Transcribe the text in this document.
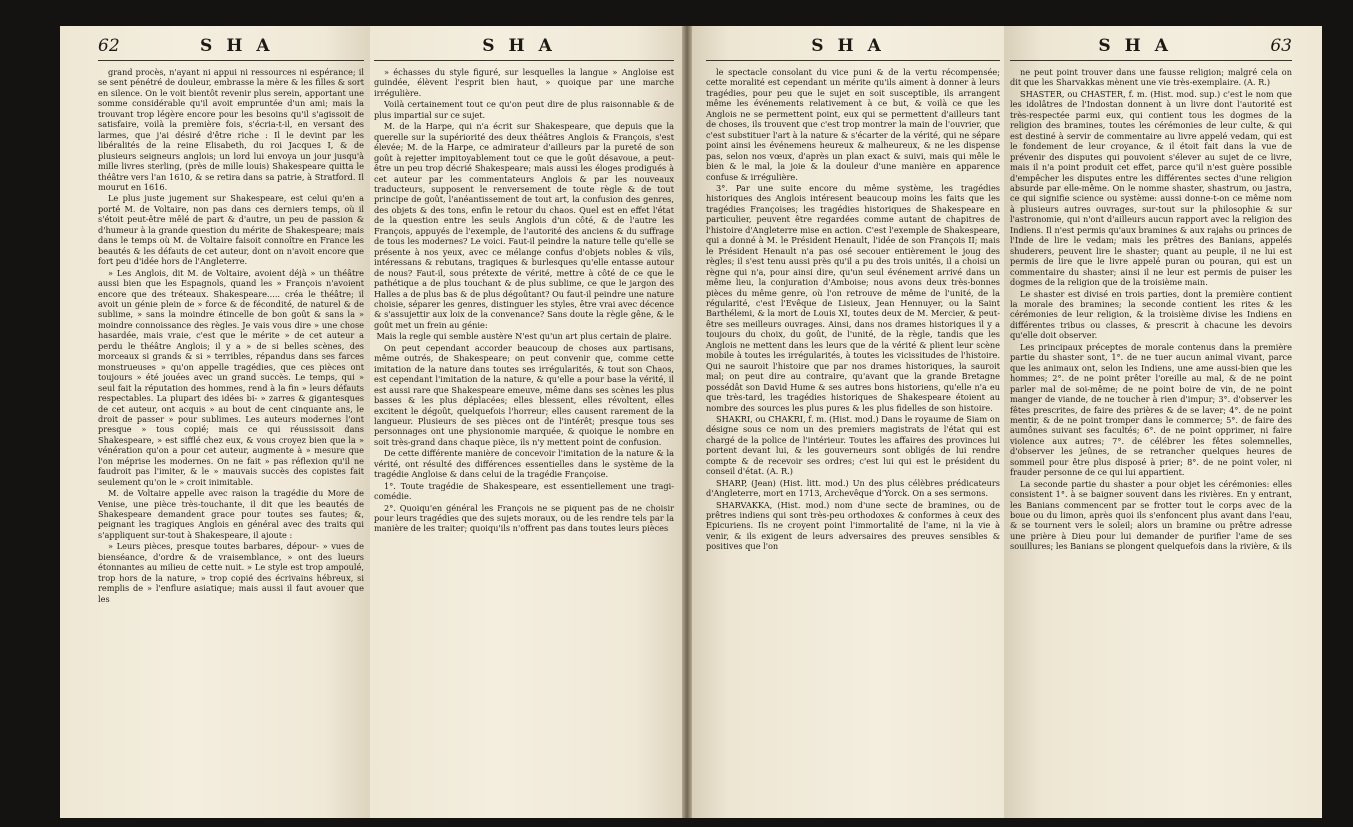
62	SHA

grand procès, n'ayant ni appui ni ressources ni espérance; il se sent pénétré de douleur, embrasse la mère & les filles & sort en silence. On le voit bientôt revenir plus serein, apportant une somme considérable qu'il avoit empruntée d'un ami; mais la trouvant trop légère encore pour les besoins qu'il s'agissoit de satisfaire, voilà la première fois, s'écria-t-il, en versant des larmes, que j'ai désiré d'être riche : Il le devint par les libéralités de la reine Elisabeth, du roi Jacques I, & de plusieurs seigneurs anglois; un lord lui envoya un jour jusqu'à mille livres sterling, (près de mille louis) Shakespeare quitta le théâtre vers l'an 1610, & se retira dans sa patrie, à Stratford. Il mourut en 1616.

Le plus juste jugement sur Shakespeare, est celui qu'en a porté M. de Voltaire, non pas dans ces derniers temps, où il s'étoit peut-être mêlé de part & d'autre, un peu de passion & d'humeur à la grande question du mérite de Shakespeare; mais dans le temps où M. de Voltaire faisoit connoître en France les beautés & les défauts de cet auteur, dont on n'avoit encore que fort peu d'idée hors de l'Angleterre.

» Les Anglois, dit M. de Voltaire, avoient déjà » un théâtre aussi bien que les Espagnols, quand les » François n'avoient encore que des tréteaux. Shakespeare..... créa le théâtre; il avoit un génie plein de » force & de fécondité, de naturel & de sublime, » sans la moindre étincelle de bon goût & sans la » moindre connoissance des règles. Je vais vous dire » une chose hasardée, mais vraie, c'est que le mérite » de cet auteur a perdu le théâtre Anglois; il y a » de si belles scènes, des morceaux si grands & si » terribles, répandus dans ses farces monstrueuses » qu'on appelle tragédies, que ces pièces ont toujours » été jouées avec un grand succès. Le temps, qui » seul fait la réputation des hommes, rend à la fin » leurs défauts respectables. La plupart des idées bi- » zarres & gigantesques de cet auteur, ont acquis » au bout de cent cinquante ans, le droit de passer » pour sublimes. Les auteurs modernes l'ont presque » tous copié; mais ce qui réussissoit dans Shakespeare, » est sifflé chez eux, & vous croyez bien que la » vénération qu'on a pour cet auteur, augmente à » mesure que l'on méprise les modernes. On ne fait » pas réflexion qu'il ne faudroit pas l'imiter, & le » mauvais succès des copistes fait seulement qu'on le » croit inimitable.

M. de Voltaire appelle avec raison la tragédie du More de Venise, une pièce très-touchante, il dit que les beautés de Shakespeare demandent grace pour toutes ses fautes; &, peignant les tragiques Anglois en général avec des traits qui s'appliquent sur-tout à Shakespeare, il ajoute :

» Leurs pièces, presque toutes barbares, dépour- » vues de bienséance, d'ordre & de vraisemblance, » ont des lueurs étonnantes au milieu de cette nuit. » Le style est trop ampoulé, trop hors de la nature, » trop copié des écrivains hébreux, si remplis de » l'enflure asiatique; mais aussi il faut avouer que les

SHA

» échasses du style figuré, sur lesquelles la langue » Angloise est guindée, élèvent l'esprit bien haut, » quoique par une marche irrégulière.

Voilà certainement tout ce qu'on peut dire de plus raisonnable & de plus impartial sur ce sujet.

M. de la Harpe, qui n'a écrit sur Shakespeare, que depuis que la querelle sur la supériorité des deux théâtres Anglois & François, s'est élevée; M. de la Harpe, ce admirateur d'ailleurs par la pureté de son goût à rejetter impitoyablement tout ce que le goût désavoue, a peut-être un peu trop décrié Shakespeare; mais aussi les éloges prodigués à cet auteur par les commentateurs Anglois & par les nouveaux traducteurs, supposent le renversement de toute règle & de tout principe de goût, l'anéantissement de tout art, la confusion des genres, des objets & des tons, enfin le retour du chaos. Quel est en effet l'état de la question entre les seuls Anglois d'un côté, & de l'autre les François, appuyés de l'exemple, de l'autorité des anciens & du suffrage de tous les modernes? Le voici. Faut-il peindre la nature telle qu'elle se présente à nos yeux, avec ce mélange confus d'objets nobles & vils, intéressans & rebutans, tragiques & burlesques qu'elle entasse autour de nous? Faut-il, sous prétexte de vérité, mettre à côté de ce que le pathétique a de plus touchant & de plus sublime, ce que le jargon des Halles a de plus bas & de plus dégoûtant? Ou faut-il peindre une nature choisie, séparer les genres, distinguer les styles, être vrai avec décence & s'assujettir aux loix de la convenance? Sans doute la règle gêne, & le goût met un frein au génie:

Mais la regle qui semble austère N'est qu'un art plus certain de plaire.

On peut cependant accorder beaucoup de choses aux partisans, même outrés, de Shakespeare; on peut convenir que, comme cette imitation de la nature dans toutes ses irrégularités, & tout son Chaos, est cependant l'imitation de la nature, & qu'elle a pour base la vérité, il est aussi rare que Shakespeare emeuve, même dans ses scènes les plus basses & les plus déplacées; elles blessent, elles révoltent, elles excitent le dégoût, quelquefois l'horreur; elles causent rarement de la langueur. Plusieurs de ses pièces ont de l'intérêt; presque tous ses personnages ont une physionomie marquée, & quoique le nombre en soit très-grand dans chaque pièce, ils n'y mettent point de confusion.

De cette différente manière de concevoir l'imitation de la nature & la vérité, ont résulté des différences essentielles dans le système de la tragédie Angloise & dans celui de la tragédie Françoise.

1°. Toute tragédie de Shakespeare, est essentiellement une tragi-comédie.

2°. Quoiqu'en général les François ne se piquent pas de ne choisir pour leurs tragédies que des sujets moraux, ou de les rendre tels par la manière de les traiter; quoiqu'ils n'offrent pas dans toutes leurs pièces

SHA

le spectacle consolant du vice puni & de la vertu récompensée; cette moralité est cependant un mérite qu'ils aiment à donner à leurs tragédies, pour peu que le sujet en soit susceptible, ils arrangent même les événements relativement à ce but, & voilà ce que les Anglois ne se permettent point, eux qui se permettent d'ailleurs tant de choses, ils trouvent que c'est trop montrer la main de l'ouvrier, que c'est substituer l'art à la nature & s'écarter de la vérité, qui ne sépare point ainsi les événemens heureux & malheureux, & ne les dispense pas, selon nos vœux, d'après un plan exact & suivi, mais qui mêle le bien & le mal, la joie & la douleur d'une manière en apparence confuse & irrégulière.

3°. Par une suite encore du même système, les tragédies historiques des Anglois intéresent beaucoup moins les faits que les tragédies Françoises; les tragédies historiques de Shakespeare en particulier, peuvent être regardées comme autant de chapitres de l'histoire d'Angleterre mise en action. C'est l'exemple de Shakespeare, qui a donné à M. le Président Henault, l'idée de son François II; mais le Président Henault n'a pas osé secouer entièrement le joug des règles; il s'est tenu aussi près qu'il a pu des trois unités, il a choisi un règne qui n'a, pour ainsi dire, qu'un seul événement arrivé dans un même lieu, la conjuration d'Amboise; nous avons deux très-bonnes pièces du même genre, où l'on retrouve de même de l'unité, de la régularité, c'est l'Evêque de Lisieux, Jean Hennuyer, ou la Saint Barthélemi, & la mort de Louis XI, toutes deux de M. Mercier, & peut-être ses meilleurs ouvrages. Ainsi, dans nos drames historiques il y a toujours du choix, du goût, de l'unité, de la règle, tandis que les Anglois ne mettent dans les leurs que de la vérité & plient leur scène mobile à toutes les irrégularités, à toutes les vicissitudes de l'histoire. Qui ne sauroit l'histoire que par nos drames historiques, la sauroit mal; on peut dire au contraire, qu'avant que la grande Bretagne possédât son David Hume & ses autres bons historiens, qu'elle n'a eu que très-tard, les tragédies historiques de Shakespeare étoient au nombre des sources les plus pures & les plus fidelles de son histoire.

SHAKRI, ou CHAKRI, f. m. (Hist. mod.) Dans le royaume de Siam on désigne sous ce nom un des premiers magistrats de l'état qui est chargé de la police de l'intérieur. Toutes les affaires des provinces lui portent devant lui, & les gouverneurs sont obligés de lui rendre compte & de recevoir ses ordres; c'est lui qui est le président du conseil d'état. (A. R.)

SHARP, (Jean) (Hist. litt. mod.) Un des plus célèbres prédicateurs d'Angleterre, mort en 1713, Archevêque d'Yorck. On a ses sermons.

SHARVAKKA, (Hist. mod.) nom d'une secte de bramines, ou de prêtres indiens qui sont très-peu orthodoxes & conformes à ceux des Epicuriens. Ils ne croyent point l'immortalité de l'ame, ni la vie à venir, & ils exigent de leurs adversaires des preuves sensibles & positives que l'on

SHA	63

ne peut point trouver dans une fausse religion; malgré cela on dit que les Sharvakkas mènent une vie très-exemplaire. (A. R.)

SHASTER, ou CHASTER, f. m. (Hist. mod. sup.) c'est le nom que les idolâtres de l'Indostan donnent à un livre dont l'autorité est très-respectée parmi eux, qui contient tous les dogmes de la religion des bramines, toutes les cérémonies de leur culte, & qui est destiné à servir de commentaire au livre appelé vedam, qui est le fondement de leur croyance, & il étoit fait dans la vue de prévenir des disputes qui pouvoient s'élever au sujet de ce livre, mais il n'a point produit cet effet, parce qu'il n'est guère possible d'empêcher les disputes entre les différentes sectes d'une religion absurde par elle-même. On le nomme shaster, shastrum, ou jastra, ce qui signifie science ou système: aussi donne-t-on ce même nom à plusieurs autres ouvrages, sur-tout sur la philosophie & sur l'astronomie, qui n'ont d'ailleurs aucun rapport avec la religion des Indiens. Il n'est permis qu'aux bramines & aux rajahs ou princes de l'Inde de lire le vedam; mais les prêtres des Banians, appelés shuderers, peuvent lire le shaster; quant au peuple, il ne lui est permis de lire que le livre appelé puran ou pouran, qui est un commentaire du shaster; ainsi il ne leur est permis de puiser les dogmes de la religion que de la troisième main.

Le shaster est divisé en trois parties, dont la première contient la morale des bramines; la seconde contient les rites & les cérémonies de leur religion, & la troisième divise les Indiens en différentes tribus ou classes, & prescrit à chacune les devoirs qu'elle doit observer.

Les principaux préceptes de morale contenus dans la première partie du shaster sont, 1°. de ne tuer aucun animal vivant, parce que les animaux ont, selon les Indiens, une ame aussi-bien que les hommes; 2°. de ne point prêter l'oreille au mal, & de ne point parler mal de soi-même; de ne point boire de vin, de ne point manger de viande, de ne toucher à rien d'impur; 3°. d'observer les fêtes prescrites, de faire des prières & de se laver; 4°. de ne point mentir, & de ne point tromper dans le commerce; 5°. de faire des aumônes suivant ses facultés; 6°. de ne point opprimer, ni faire violence aux autres; 7°. de célébrer les fêtes solemnelles, d'observer les jeûnes, de se retrancher quelques heures de sommeil pour être plus disposé à prier; 8°. de ne point voler, ni frauder personne de ce qui lui appartient.

La seconde partie du shaster a pour objet les cérémonies: elles consistent 1°. à se baigner souvent dans les rivières. En y entrant, les Banians commencent par se frotter tout le corps avec de la boue ou du limon, après quoi ils s'enfoncent plus avant dans l'eau, & se tournent vers le soleil; alors un bramine ou prêtre adresse une prière à Dieu pour lui demander de purifier l'ame de ses souillures; les Banians se plongent quelquefois dans la rivière, & ils
